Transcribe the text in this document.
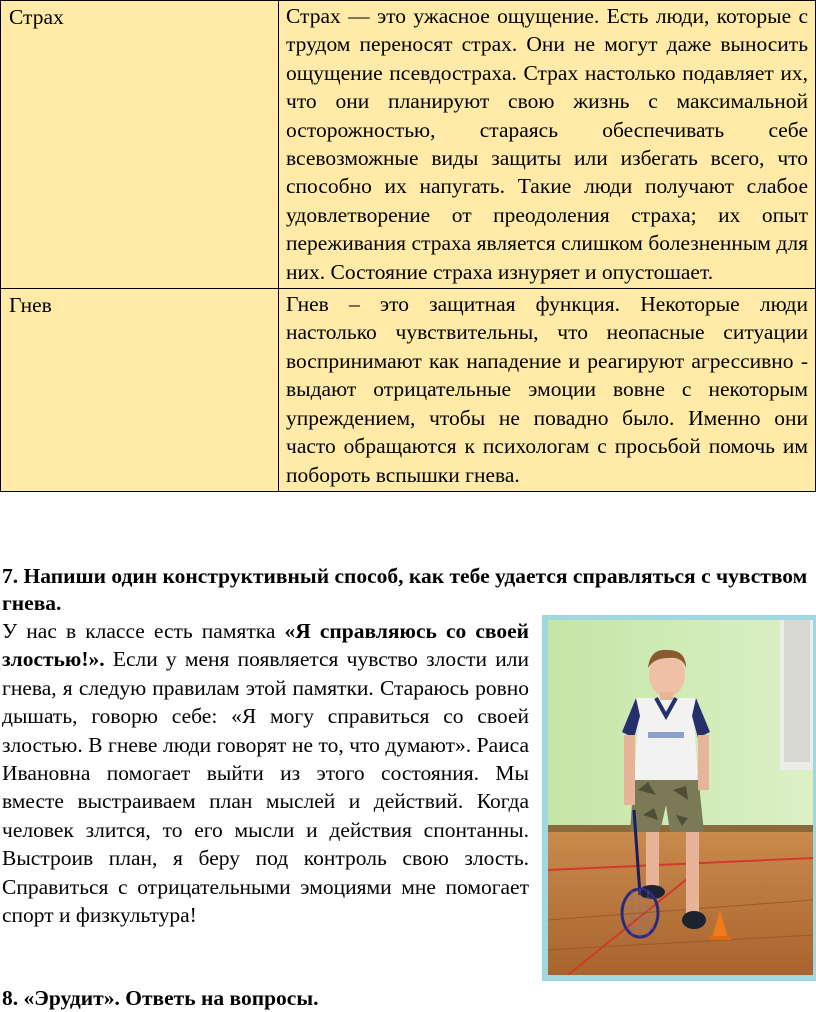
Страх	Страх — это ужасное ощущение. Есть люди, которые с трудом переносят страх. Они не могут даже выносить ощущение псевдостраха. Страх настолько подавляет их, что они планируют свою жизнь с максимальной осторожностью, стараясь обеспечивать себе всевозможные виды защиты или избегать всего, что способно их напугать. Такие люди получают слабое удовлетворение от преодоления страха; их опыт переживания страха является слишком болезненным для них. Состояние страха изнуряет и опустошает.
Гнев	Гнев – это защитная функция. Некоторые люди настолько чувствительны, что неопасные ситуации воспринимают как нападение и реагируют агрессивно - выдают отрицательные эмоции вовне с некоторым упреждением, чтобы не повадно было. Именно они часто обращаются к психологам с просьбой помочь им побороть вспышки гнева.

7. Напиши один конструктивный способ, как тебе удается справляться с чувством гнева.

У нас в классе есть памятка «Я справляюсь со своей злостью!». Если у меня появляется чувство злости или гнева, я следую правилам этой памятки. Стараюсь ровно дышать, говорю себе: «Я могу справиться со своей злостью. В гневе люди говорят не то, что думают». Раиса Ивановна помогает выйти из этого состояния. Мы вместе выстраиваем план мыслей и действий. Когда человек злится, то его мысли и действия спонтанны. Выстроив план, я беру под контроль свою злость. Справиться с отрицательными эмоциями мне помогает спорт и физкультура!

8. «Эрудит». Ответь на вопросы.
